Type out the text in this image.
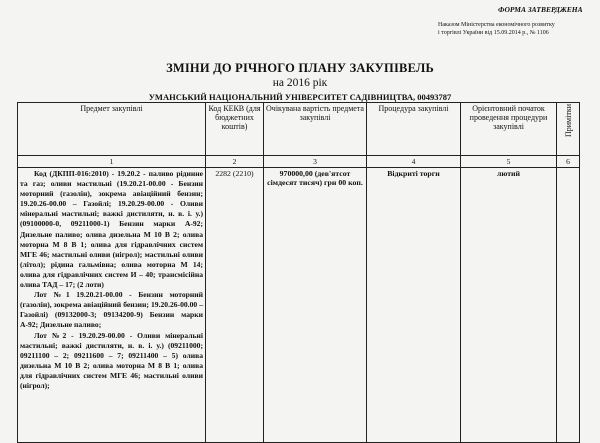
ФОРМА ЗАТВЕРДЖЕНА
Наказом Міністерства економічного розвитку
і торгівлі України від 15.09.2014 р., № 1106
ЗМІНИ ДО РІЧНОГО ПЛАНУ ЗАКУПІВЕЛЬ
на 2016 рік
УМАНСЬКИЙ НАЦІОНАЛЬНИЙ УНІВЕРСИТЕТ САДІВНИЦТВА, 00493787
Предмет закупівлі	Код КЕКВ (для бюджетних коштів)	Очікувана вартість предмета закупівлі	Процедура закупівлі	Орієнтовний початок проведення процедури закупівлі	Примітки

1	2	3	4	5	6

Код (ДКПП-016:2010) - 19.20.2 - паливо рідинне та газ; оливи мастильні (19.20.21-00.00 - Бензин моторний (газолін), зокрема авіаційний бензин; 19.20.26-00.00 – Газойлі; 19.20.29-00.00 - Оливи мінеральні мастильні; важкі дистиляти, н. в. і. у.) (09100000-0, 09211000-1) Бензин марки А-92; Дизельне паливо; олива дизельна М 10 В 2; олива моторна М 8 В 1; олива для гідравлічних систем МГЕ 46; мастильні оливи (нігрол); мастильні оливи (літол); рідина гальмівна; олива моторна М 14; олива для гідравлічних систем И – 40; трансмісійна олива ТАД – 17; (2 лоти)

Лот №1 19.20.21-00.00 - Бензин моторний (газолін), зокрема авіаційний бензин; 19.20.26-00.00 – Газойлі) (09132000-3; 09134200-9) Бензин марки А-92; Дизельне паливо;

Лот №2 - 19.20.29-00.00 - Оливи мінеральні мастильні; важкі дистиляти, н. в. і. у.) (09211000; 09211100 – 2; 09211600 – 7; 09211400 – 5) олива дизельна М 10 В 2; олива моторна М 8 В 1; олива для гідравлічних систем МГЕ 46; мастильні оливи (нігрол);	2282 (2210)	970000,00 (дев'ятсот сімдесят тисяч) грн 00 коп.	Відкриті торги	лютий	
